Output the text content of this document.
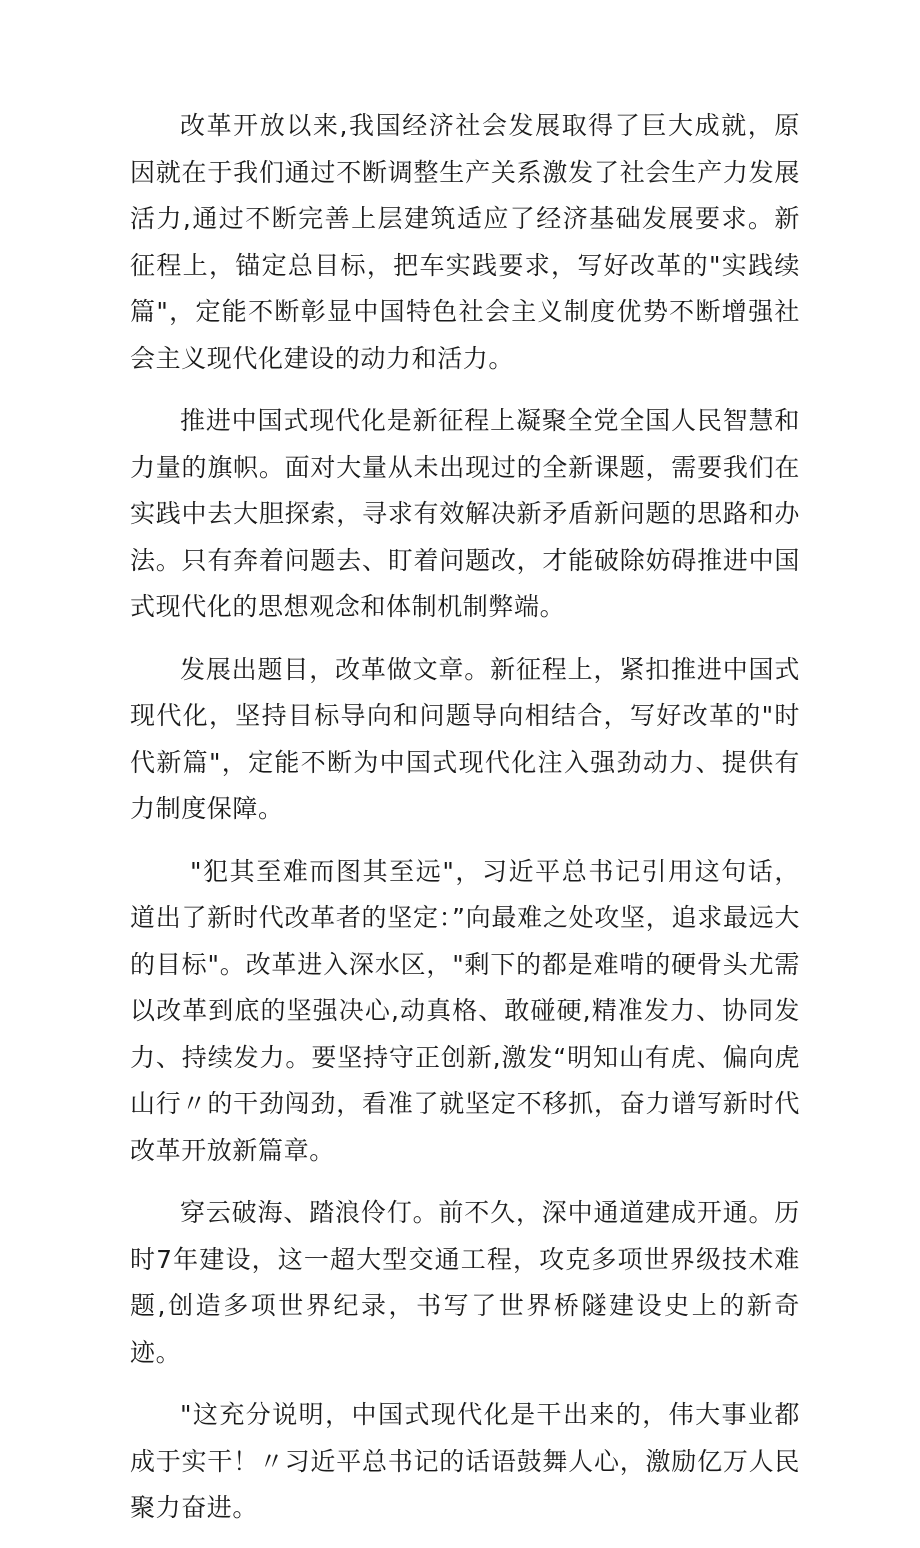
改革开放以来,我国经济社会发展取得了巨大成就，原因就在于我们通过不断调整生产关系激发了社会生产力发展活力,通过不断完善上层建筑适应了经济基础发展要求。新征程上，锚定总目标，把车实践要求，写好改革的"实践续篇"，定能不断彰显中国特色社会主义制度优势不断增强社会主义现代化建设的动力和活力。

推进中国式现代化是新征程上凝聚全党全国人民智慧和力量的旗帜。面对大量从未出现过的全新课题，需要我们在实践中去大胆探索，寻求有效解决新矛盾新问题的思路和办法。只有奔着问题去、盯着问题改，才能破除妨碍推进中国式现代化的思想观念和体制机制弊端。

发展出题目，改革做文章。新征程上，紧扣推进中国式现代化，坚持目标导向和问题导向相结合，写好改革的"时代新篇"，定能不断为中国式现代化注入强劲动力、提供有力制度保障。

"犯其至难而图其至远"，习近平总书记引用这句话，道出了新时代改革者的坚定：”向最难之处攻坚，追求最远大的目标"。改革进入深水区，"剩下的都是难啃的硬骨头尤需以改革到底的坚强决心,动真格、敢碰硬,精准发力、协同发力、持续发力。要坚持守正创新,激发“明知山有虎、偏向虎山行〃的干劲闯劲，看准了就坚定不移抓，奋力谱写新时代改革开放新篇章。

穿云破海、踏浪伶仃。前不久，深中通道建成开通。历时7年建设，这一超大型交通工程，攻克多项世界级技术难题,创造多项世界纪录，书写了世界桥隧建设史上的新奇迹。

"这充分说明，中国式现代化是干出来的，伟大事业都成于实干！〃习近平总书记的话语鼓舞人心，激励亿万人民聚力奋进。
